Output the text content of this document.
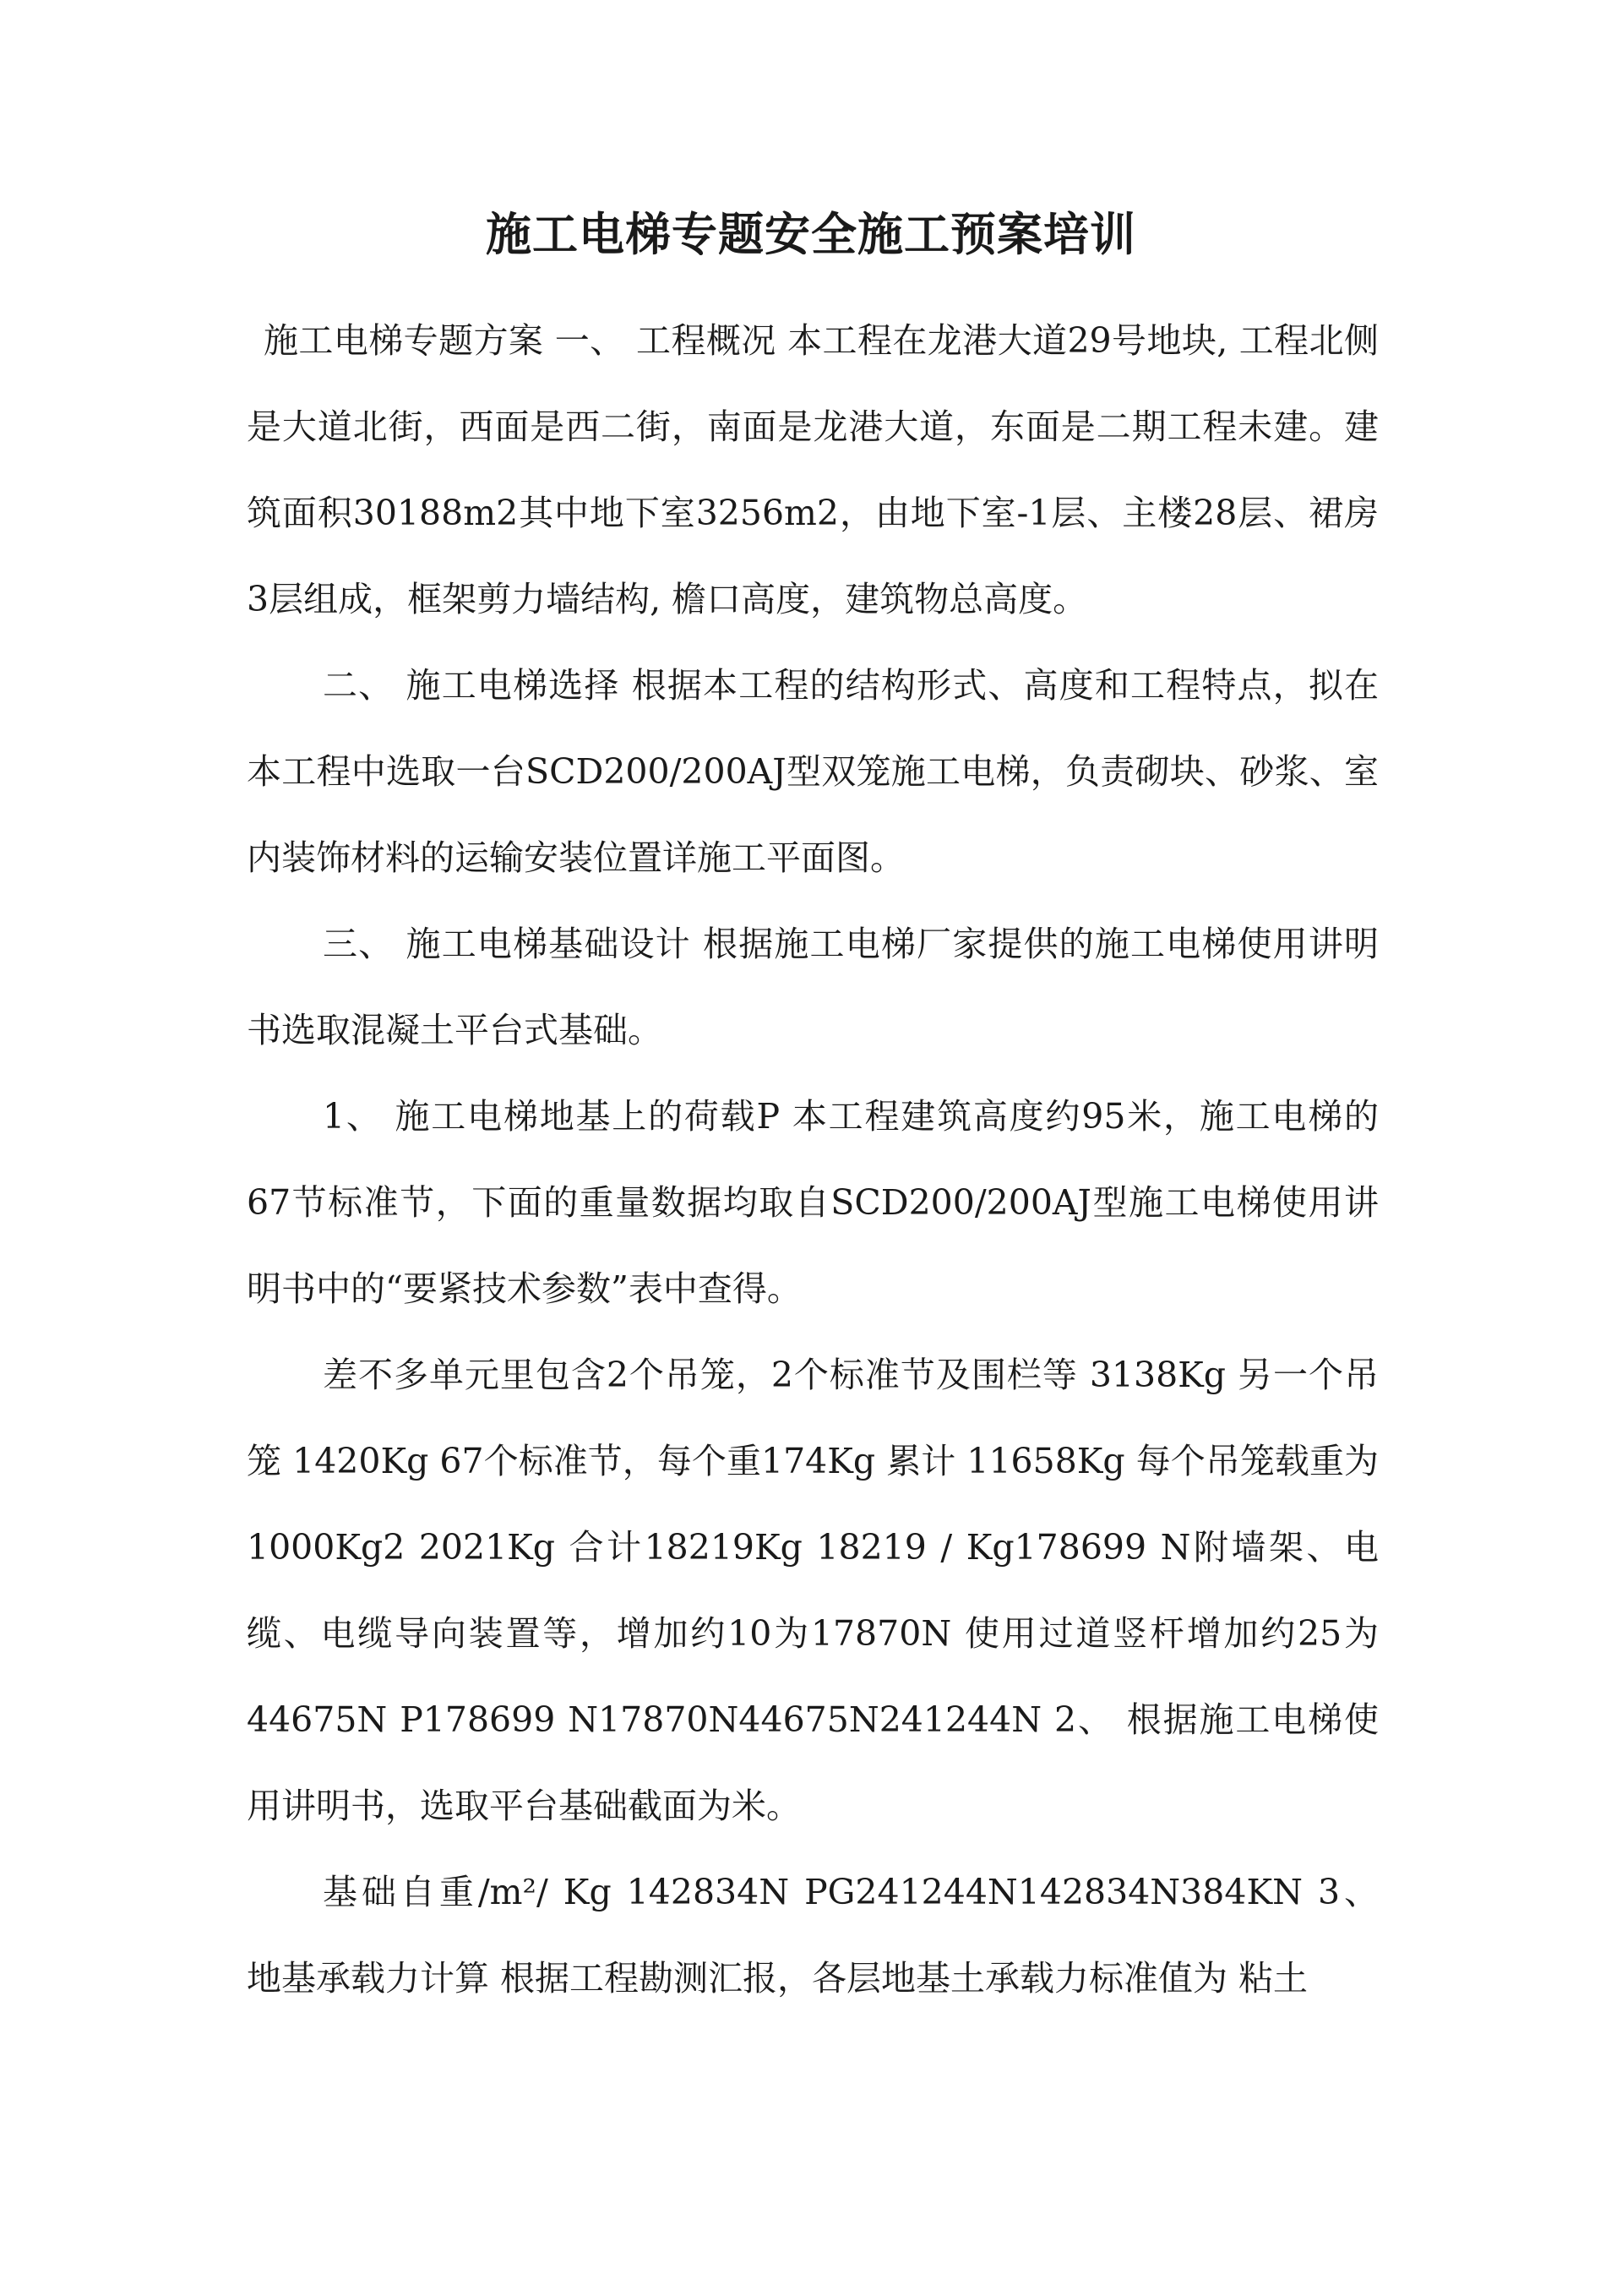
施工电梯专题安全施工预案培训

施工电梯专题方案 一、 工程概况 本工程在龙港大道29号地块, 工程北侧是大道北街，西面是西二街，南面是龙港大道，东面是二期工程未建。建筑面积30188m2其中地下室3256m2，由地下室-1层、主楼28层、裙房3层组成，框架剪力墙结构, 檐口高度，建筑物总高度。

二、 施工电梯选择 根据本工程的结构形式、高度和工程特点，拟在本工程中选取一台SCD200/200AJ型双笼施工电梯，负责砌块、砂浆、室内装饰材料的运输安装位置详施工平面图。

三、 施工电梯基础设计 根据施工电梯厂家提供的施工电梯使用讲明书选取混凝土平台式基础。

1、 施工电梯地基上的荷载P 本工程建筑高度约95米，施工电梯的67节标准节，下面的重量数据均取自SCD200/200AJ型施工电梯使用讲明书中的“要紧技术参数”表中查得。

差不多单元里包含2个吊笼，2个标准节及围栏等 3138Kg 另一个吊笼 1420Kg 67个标准节，每个重174Kg 累计 11658Kg 每个吊笼载重为1000Kg2 2021Kg 合计18219Kg 18219 / Kg178699 N附墙架、电缆、电缆导向装置等，增加约10为17870N 使用过道竖杆增加约25为44675N P178699 N17870N44675N241244N 2、 根据施工电梯使用讲明书，选取平台基础截面为米。

基础自重/m²/ Kg 142834N PG241244N142834N384KN 3、 地基承载力计算 根据工程勘测汇报，各层地基土承载力标准值为 粘土
